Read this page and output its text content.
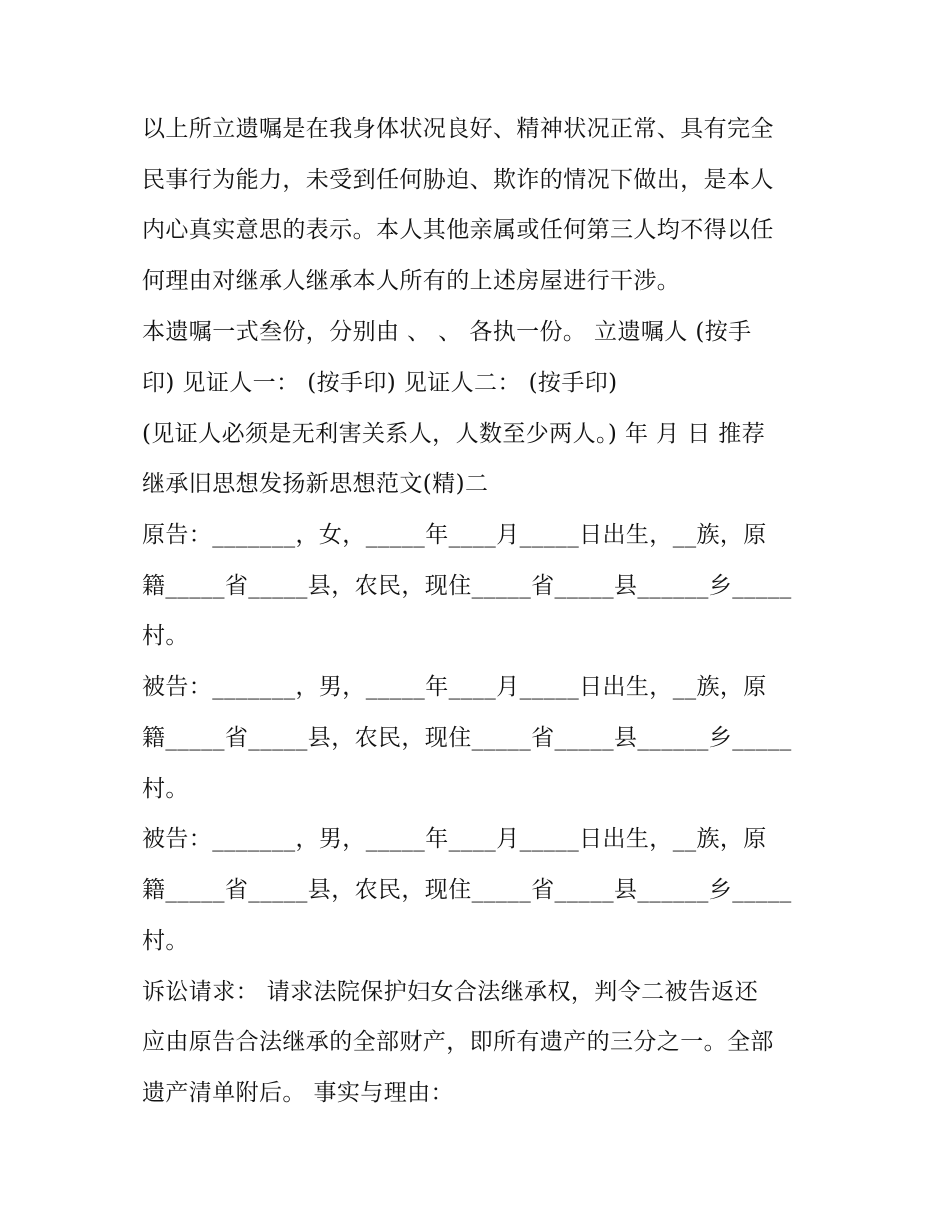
以上所立遗嘱是在我身体状况良好、精神状况正常、具有完全
民事行为能力，未受到任何胁迫、欺诈的情况下做出，是本人
内心真实意思的表示。本人其他亲属或任何第三人均不得以任
何理由对继承人继承本人所有的上述房屋进行干涉。
本遗嘱一式叁份，分别由 、 、 各执一份。 立遗嘱人 (按手
印) 见证人一： (按手印) 见证人二： (按手印)
(见证人必须是无利害关系人，人数至少两人。) 年 月 日 推荐
继承旧思想发扬新思想范文(精)二
原告：_______，女，_____年____月_____日出生，__族，原
籍_____省_____县，农民，现住_____省_____县______乡_____
村。
被告：_______，男，_____年____月_____日出生，__族，原
籍_____省_____县，农民，现住_____省_____县______乡_____
村。
被告：_______，男，_____年____月_____日出生，__族，原
籍_____省_____县，农民，现住_____省_____县______乡_____
村。
诉讼请求： 请求法院保护妇女合法继承权，判令二被告返还
应由原告合法继承的全部财产，即所有遗产的三分之一。全部
遗产清单附后。 事实与理由：
